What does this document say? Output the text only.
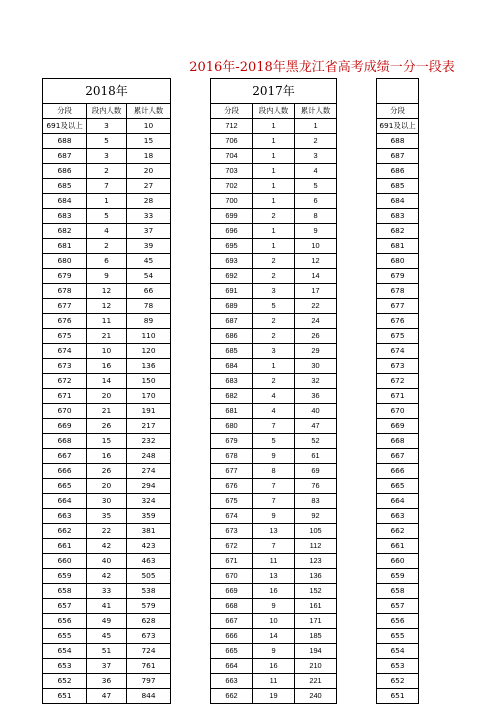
2016年-2018年黑龙江省高考成绩一分一段表
2018年				2017年				
分段	段内人数	累计人数		分段	段内人数	累计人数		分段
691及以上	3	10		712	1	1		691及以上
688	5	15		706	1	2		688
687	3	18		704	1	3		687
686	2	20		703	1	4		686
685	7	27		702	1	5		685
684	1	28		700	1	6		684
683	5	33		699	2	8		683
682	4	37		696	1	9		682
681	2	39		695	1	10		681
680	6	45		693	2	12		680
679	9	54		692	2	14		679
678	12	66		691	3	17		678
677	12	78		689	5	22		677
676	11	89		687	2	24		676
675	21	110		686	2	26		675
674	10	120		685	3	29		674
673	16	136		684	1	30		673
672	14	150		683	2	32		672
671	20	170		682	4	36		671
670	21	191		681	4	40		670
669	26	217		680	7	47		669
668	15	232		679	5	52		668
667	16	248		678	9	61		667
666	26	274		677	8	69		666
665	20	294		676	7	76		665
664	30	324		675	7	83		664
663	35	359		674	9	92		663
662	22	381		673	13	105		662
661	42	423		672	7	112		661
660	40	463		671	11	123		660
659	42	505		670	13	136		659
658	33	538		669	16	152		658
657	41	579		668	9	161		657
656	49	628		667	10	171		656
655	45	673		666	14	185		655
654	51	724		665	9	194		654
653	37	761		664	16	210		653
652	36	797		663	11	221		652
651	47	844		662	19	240		651
